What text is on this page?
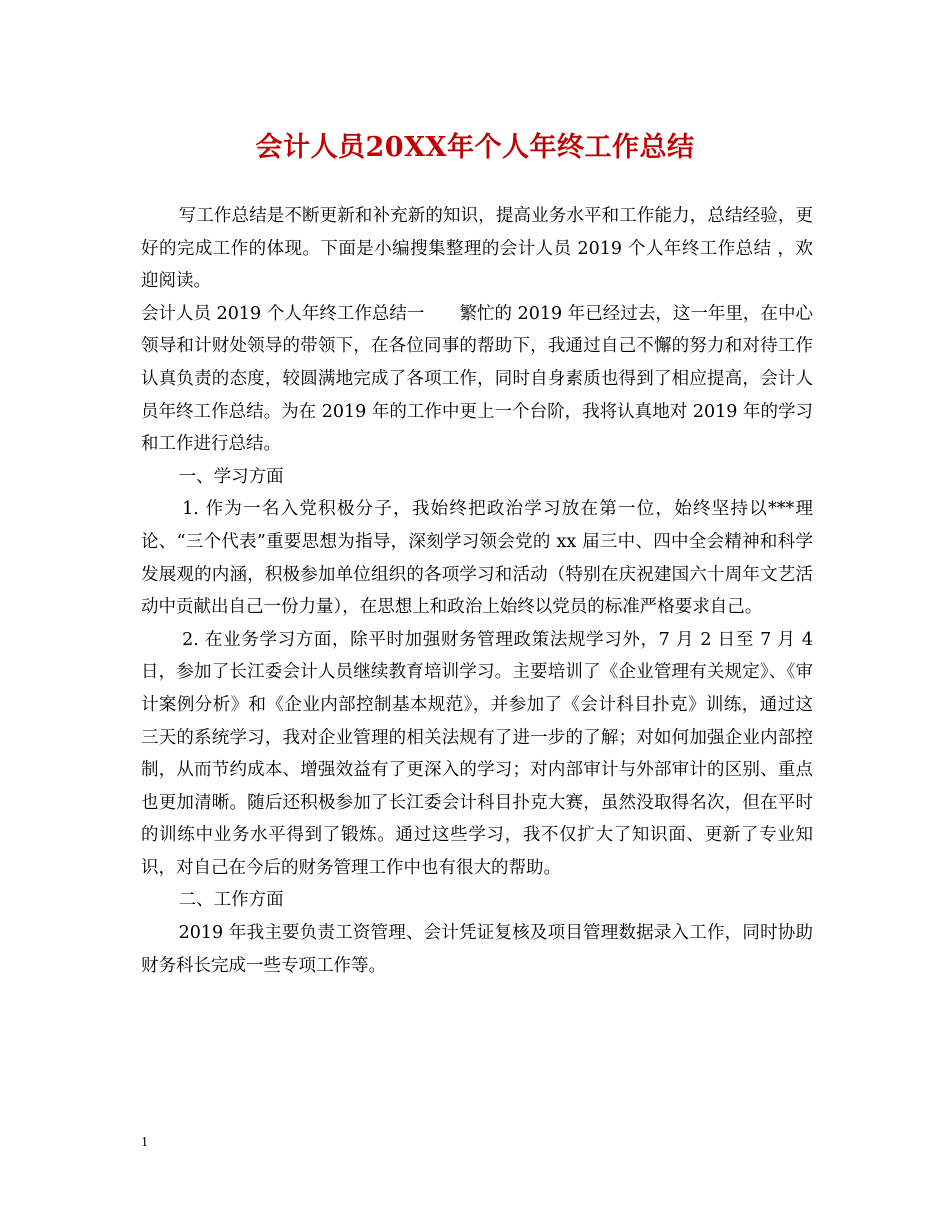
会计人员20XX年个人年终工作总结

写工作总结是不断更新和补充新的知识，提高业务水平和工作能力，总结经验，更好的完成工作的体现。下面是小编搜集整理的会计人员 2019 个人年终工作总结 ，欢迎阅读。

会计人员 2019 个人年终工作总结一　　繁忙的 2019 年已经过去，这一年里，在中心领导和计财处领导的带领下，在各位同事的帮助下，我通过自己不懈的努力和对待工作认真负责的态度，较圆满地完成了各项工作，同时自身素质也得到了相应提高，会计人员年终工作总结。为在 2019 年的工作中更上一个台阶，我将认真地对 2019 年的学习和工作进行总结。

一、学习方面

1. 作为一名入党积极分子，我始终把政治学习放在第一位，始终坚持以***理论、“三个代表”重要思想为指导，深刻学习领会党的 xx 届三中、四中全会精神和科学发展观的内涵，积极参加单位组织的各项学习和活动（特别在庆祝建国六十周年文艺活动中贡献出自己一份力量），在思想上和政治上始终以党员的标准严格要求自己。

2. 在业务学习方面，除平时加强财务管理政策法规学习外，7 月 2 日至 7 月 4 日，参加了长江委会计人员继续教育培训学习。主要培训了《企业管理有关规定》、《审计案例分析》和《企业内部控制基本规范》，并参加了《会计科目扑克》训练，通过这三天的系统学习，我对企业管理的相关法规有了进一步的了解；对如何加强企业内部控制，从而节约成本、增强效益有了更深入的学习；对内部审计与外部审计的区别、重点也更加清晰。随后还积极参加了长江委会计科目扑克大赛，虽然没取得名次，但在平时的训练中业务水平得到了锻炼。通过这些学习，我不仅扩大了知识面、更新了专业知识，对自己在今后的财务管理工作中也有很大的帮助。

二、工作方面

2019 年我主要负责工资管理、会计凭证复核及项目管理数据录入工作，同时协助财务科长完成一些专项工作等。

1
